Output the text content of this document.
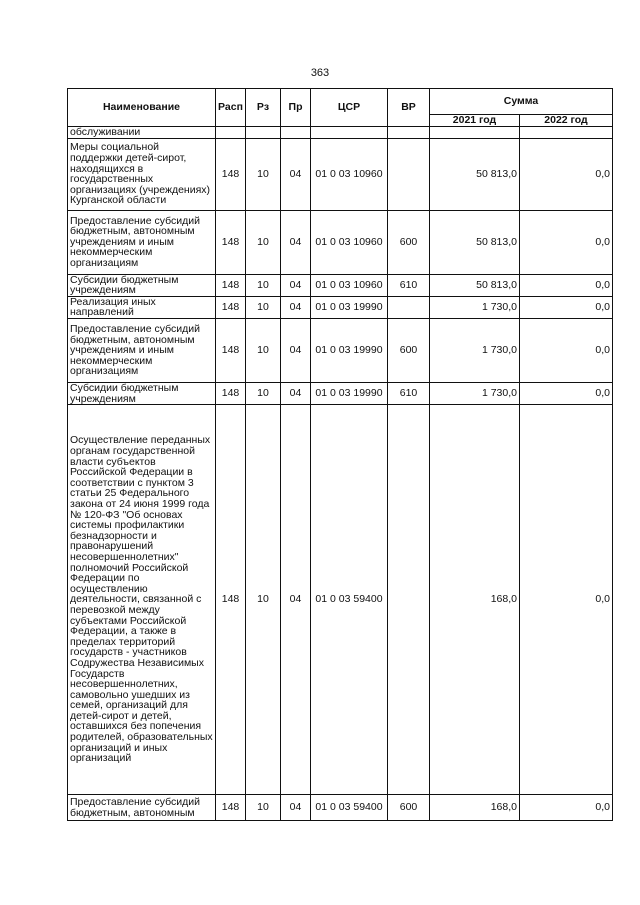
363
Наименование	Расп	Рз	Пр	ЦСР	ВР	Сумма	
						2021 год	2022 год
обслуживании							
Меры социальной поддержки детей-сирот, находящихся в государственных организациях (учреждениях) Курганской области	148	10	04	01 0 03 10960		50 813,0	0,0
Предоставление субсидий бюджетным, автономным учреждениям и иным некоммерческим организациям	148	10	04	01 0 03 10960	600	50 813,0	0,0
Субсидии бюджетным учреждениям	148	10	04	01 0 03 10960	610	50 813,0	0,0
Реализация иных направлений	148	10	04	01 0 03 19990		1 730,0	0,0
Предоставление субсидий бюджетным, автономным учреждениям и иным некоммерческим организациям	148	10	04	01 0 03 19990	600	1 730,0	0,0
Субсидии бюджетным учреждениям	148	10	04	01 0 03 19990	610	1 730,0	0,0
Осуществление переданных органам государственной власти субъектов Российской Федерации в соответствии с пунктом 3 статьи 25 Федерального закона от 24 июня 1999 года № 120-ФЗ "Об основах системы профилактики безнадзорности и правонарушений несовершеннолетних" полномочий Российской Федерации по осуществлению деятельности, связанной с перевозкой между субъектами Российской Федерации, а также в пределах территорий государств - участников Содружества Независимых Государств несовершеннолетних, самовольно ушедших из семей, организаций для детей-сирот и детей, оставшихся без попечения родителей, образовательных организаций и иных организаций	148	10	04	01 0 03 59400		168,0	0,0
Предоставление субсидий бюджетным, автономным	148	10	04	01 0 03 59400	600	168,0	0,0
